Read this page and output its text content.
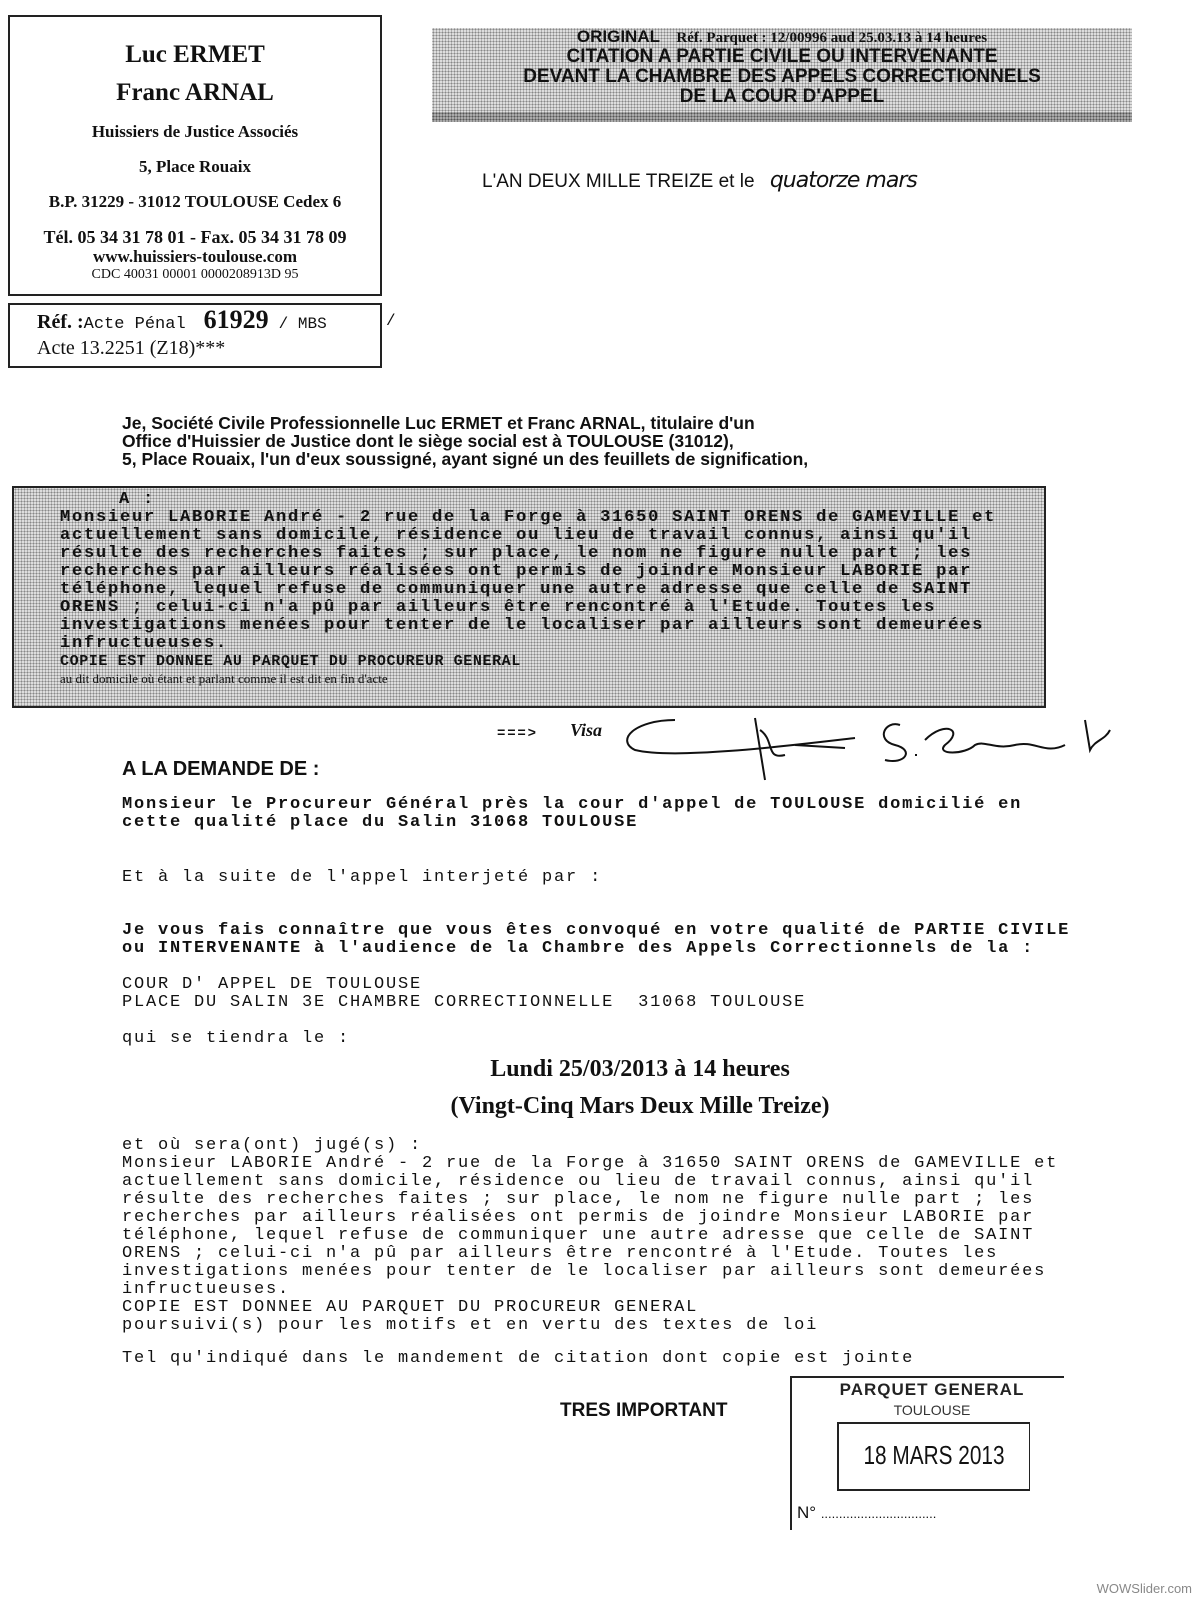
Luc ERMET
Franc ARNAL
Huissiers de Justice Associés
5, Place Rouaix
B.P. 31229 - 31012 TOULOUSE Cedex 6
Tél. 05 34 31 78 01 - Fax. 05 34 31 78 09
www.huissiers-toulouse.com
CDC 40031 00001 0000208913D 95
Réf. :Acte Pénal 61929 / MBS
Acte 13.2251 (Z18)***
/
ORIGINAL Réf. Parquet : 12/00996 aud 25.03.13 à 14 heures
CITATION A PARTIE CIVILE OU INTERVENANTE
DEVANT LA CHAMBRE DES APPELS CORRECTIONNELS
DE LA COUR D'APPEL
L'AN DEUX MILLE TREIZE et le quatorze mars
Je, Société Civile Professionnelle Luc ERMET et Franc ARNAL, titulaire d'un
Office d'Huissier de Justice dont le siège social est à TOULOUSE (31012),
5, Place Rouaix, l'un d'eux soussigné, ayant signé un des feuillets de signification,
A :
Monsieur LABORIE André - 2 rue de la Forge à 31650 SAINT ORENS de GAMEVILLE et
actuellement sans domicile, résidence ou lieu de travail connus, ainsi qu'il
résulte des recherches faites ; sur place, le nom ne figure nulle part ; les
recherches par ailleurs réalisées ont permis de joindre Monsieur LABORIE par
téléphone, lequel refuse de communiquer une autre adresse que celle de SAINT
ORENS ; celui-ci n'a pû par ailleurs être rencontré à l'Etude. Toutes les
investigations menées pour tenter de le localiser par ailleurs sont demeurées
infructueuses.
COPIE EST DONNEE AU PARQUET DU PROCUREUR GENERAL
au dit domicile où étant et parlant comme il est dit en fin d'acte
===> Visa
A LA DEMANDE DE :
Monsieur le Procureur Général près la cour d'appel de TOULOUSE domicilié en
cette qualité place du Salin 31068 TOULOUSE
Et à la suite de l'appel interjeté par :
Je vous fais connaître que vous êtes convoqué en votre qualité de PARTIE CIVILE
ou INTERVENANTE à l'audience de la Chambre des Appels Correctionnels de la :
COUR D' APPEL DE TOULOUSE
PLACE DU SALIN 3E CHAMBRE CORRECTIONNELLE  31068 TOULOUSE
qui se tiendra le :
Lundi 25/03/2013 à 14 heures
(Vingt-Cinq Mars Deux Mille Treize)
et où sera(ont) jugé(s) :
Monsieur LABORIE André - 2 rue de la Forge à 31650 SAINT ORENS de GAMEVILLE et
actuellement sans domicile, résidence ou lieu de travail connus, ainsi qu'il
résulte des recherches faites ; sur place, le nom ne figure nulle part ; les
recherches par ailleurs réalisées ont permis de joindre Monsieur LABORIE par
téléphone, lequel refuse de communiquer une autre adresse que celle de SAINT
ORENS ; celui-ci n'a pû par ailleurs être rencontré à l'Etude. Toutes les
investigations menées pour tenter de le localiser par ailleurs sont demeurées
infructueuses.
COPIE EST DONNEE AU PARQUET DU PROCUREUR GENERAL
poursuivi(s) pour les motifs et en vertu des textes de loi
Tel qu'indiqué dans le mandement de citation dont copie est jointe
TRES IMPORTANT
PARQUET GENERAL
TOULOUSE
18 MARS 2013
N° ................................
WOWSlider.com
